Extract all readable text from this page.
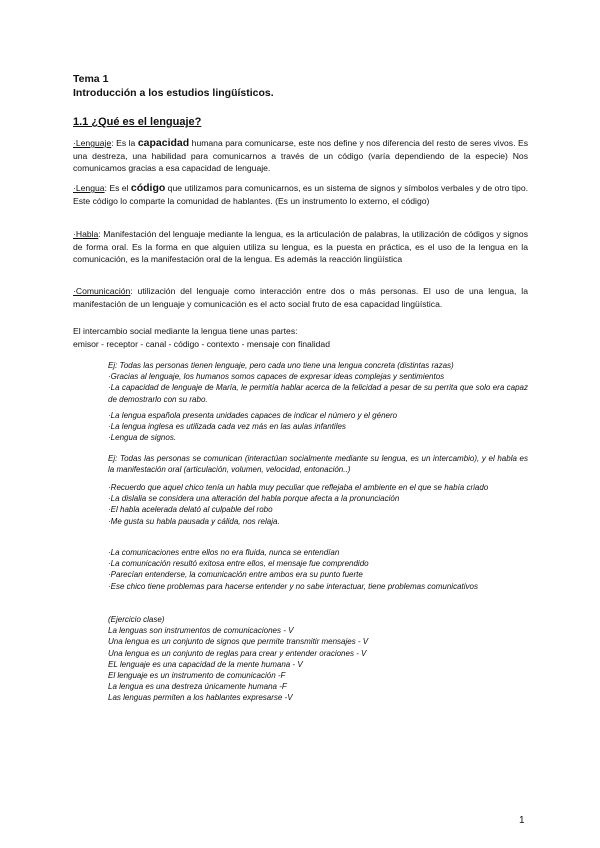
Tema 1
Introducción a los estudios lingüísticos.
1.1 ¿Qué es el lenguaje?
·Lenguaje: Es la capacidad humana para comunicarse, este nos define y nos diferencia del resto de seres vivos. Es una destreza, una habilidad para comunicarnos a través de un código (varía dependiendo de la especie) Nos comunicamos gracias a esa capacidad de lenguaje.
·Lengua: Es el código que utilizamos para comunicarnos, es un sistema de signos y símbolos verbales y de otro tipo. Este código lo comparte la comunidad de hablantes. (Es un instrumento lo externo, el código)
·Habla: Manifestación del lenguaje mediante la lengua, es la articulación de palabras, la utilización de códigos y signos de forma oral. Es la forma en que alguien utiliza su lengua, es la puesta en práctica, es el uso de la lengua en la comunicación, es la manifestación oral de la lengua. Es además la reacción lingüística
·Comunicación: utilización del lenguaje como interacción entre dos o más personas. El uso de una lengua, la manifestación de un lenguaje y comunicación es el acto social fruto de esa capacidad lingüística.
El intercambio social mediante la lengua tiene unas partes:
emisor - receptor - canal - código - contexto - mensaje con finalidad

Ej: Todas las personas tienen lenguaje, pero cada uno tiene una lengua concreta (distintas razas)

·Gracias al lenguaje, los humanos somos capaces de expresar ideas complejas y sentimientos

·La capacidad de lenguaje de María, le permitía hablar acerca de la felicidad a pesar de su perrita que solo era capaz de demostrarlo con su rabo.

·La lengua española presenta unidades capaces de indicar el número y el género

·La lengua inglesa es utilizada cada vez más en las aulas infantiles

·Lengua de signos.

Ej: Todas las personas se comunican (interactúan socialmente mediante su lengua, es un intercambio), y el habla es la manifestación oral (articulación, volumen, velocidad, entonación..)

·Recuerdo que aquel chico tenía un habla muy peculiar que reflejaba el ambiente en el que se había criado

·La dislalia se considera una alteración del habla porque afecta a la pronunciación

·El habla acelerada delató al culpable del robo

·Me gusta su habla pausada y cálida, nos relaja.

·La comunicaciones entre ellos no era fluida, nunca se entendían

·La comunicación resultó exitosa entre ellos, el mensaje fue comprendido

·Parecían entenderse, la comunicación entre ambos era su punto fuerte

·Ese chico tiene problemas para hacerse entender y no sabe interactuar, tiene problemas comunicativos

(Ejercicio clase)

La lenguas son instrumentos de comunicaciones - V

Una lengua es un conjunto de signos que permite transmitir mensajes - V

Una lengua es un conjunto de reglas para crear y entender oraciones - V

EL lenguaje es una capacidad de la mente humana - V

El lenguaje es un instrumento de comunicación -F

La lengua es una destreza únicamente humana -F

Las lenguas permiten a los hablantes expresarse -V

1
